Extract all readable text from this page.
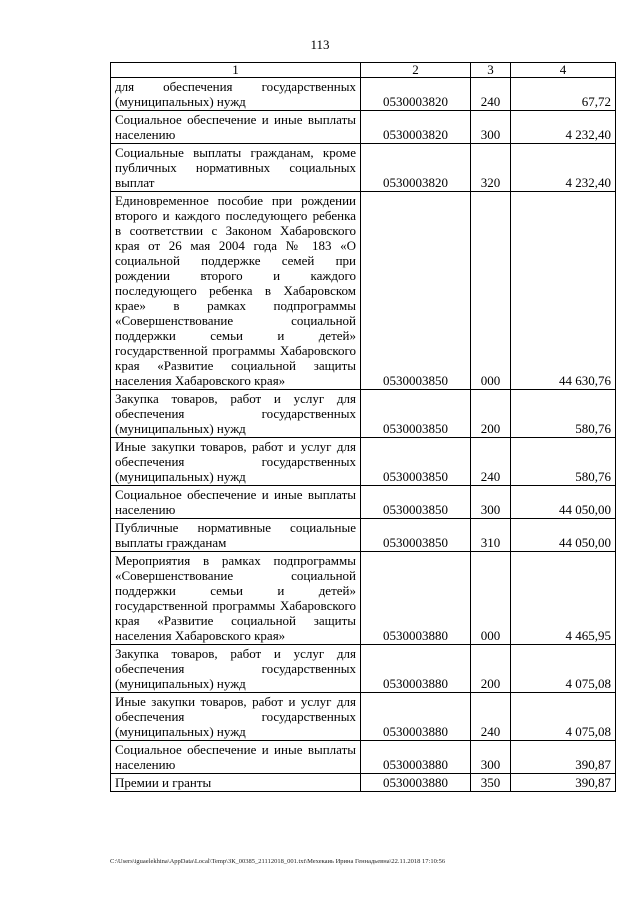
113
1	2	3	4
для обеспечения государственных (муниципальных) нужд	0530003820	240	67,72
Социальное обеспечение и иные выплаты населению	0530003820	300	4 232,40
Социальные выплаты гражданам, кроме публичных нормативных социальных выплат	0530003820	320	4 232,40
Единовременное пособие при рождении второго и каждого последующего ребенка в соответствии с Законом Хабаровского края от 26 мая 2004 года № 183 «О социальной поддержке семей при рождении второго и каждого последующего ребенка в Хабаровском крае» в рамках подпрограммы «Совершенствование социальной поддержки семьи и детей» государственной программы Хабаровского края «Развитие социальной защиты населения Хабаровского края»	0530003850	000	44 630,76
Закупка товаров, работ и услуг для обеспечения государственных (муниципальных) нужд	0530003850	200	580,76
Иные закупки товаров, работ и услуг для обеспечения государственных (муниципальных) нужд	0530003850	240	580,76
Социальное обеспечение и иные выплаты населению	0530003850	300	44 050,00
Публичные нормативные социальные выплаты гражданам	0530003850	310	44 050,00
Мероприятия в рамках подпрограммы «Совершенствование социальной поддержки семьи и детей» государственной программы Хабаровского края «Развитие социальной защиты населения Хабаровского края»	0530003880	000	4 465,95
Закупка товаров, работ и услуг для обеспечения государственных (муниципальных) нужд	0530003880	200	4 075,08
Иные закупки товаров, работ и услуг для обеспечения государственных (муниципальных) нужд	0530003880	240	4 075,08
Социальное обеспечение и иные выплаты населению	0530003880	300	390,87
Премии и гранты	0530003880	350	390,87
C:\Users\iguaelekhina\AppData\Local\Temp\ЗК_00385_21112018_001.txt\Мехекаиь Ирина Геннадьевна\22.11.2018 17:10:56
